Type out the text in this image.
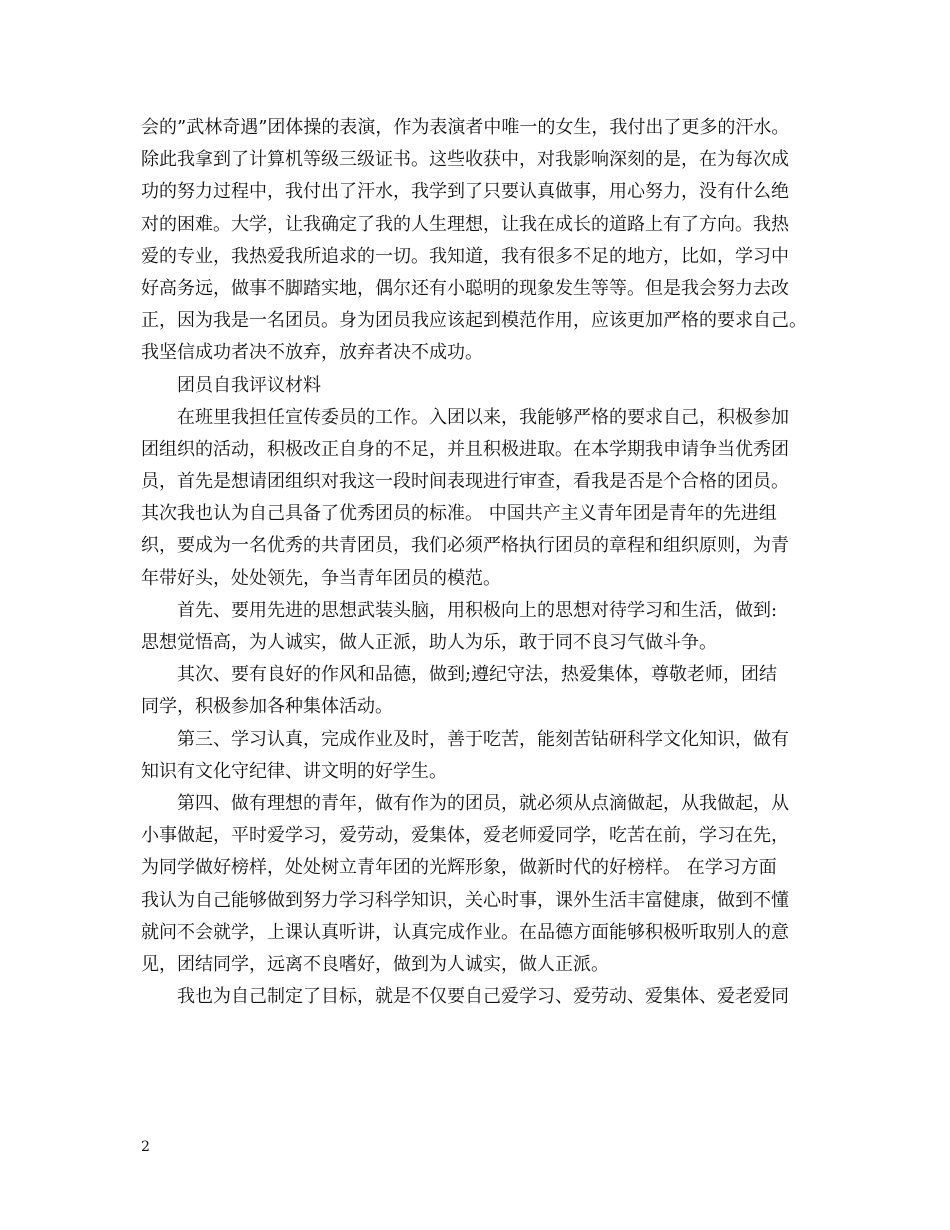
会的”武林奇遇”团体操的表演，作为表演者中唯一的女生，我付出了更多的汗水。
除此我拿到了计算机等级三级证书。这些收获中，对我影响深刻的是，在为每次成
功的努力过程中，我付出了汗水，我学到了只要认真做事，用心努力，没有什么绝
对的困难。大学，让我确定了我的人生理想，让我在成长的道路上有了方向。我热
爱的专业，我热爱我所追求的一切。我知道，我有很多不足的地方，比如，学习中
好高务远，做事不脚踏实地，偶尔还有小聪明的现象发生等等。但是我会努力去改
正，因为我是一名团员。身为团员我应该起到模范作用，应该更加严格的要求自己。
我坚信成功者决不放弃，放弃者决不成功。
　　团员自我评议材料
　　在班里我担任宣传委员的工作。入团以来，我能够严格的要求自己，积极参加
团组织的活动，积极改正自身的不足，并且积极进取。在本学期我申请争当优秀团
员，首先是想请团组织对我这一段时间表现进行审查，看我是否是个合格的团员。
其次我也认为自己具备了优秀团员的标准。 中国共产主义青年团是青年的先进组
织，要成为一名优秀的共青团员，我们必须严格执行团员的章程和组织原则，为青
年带好头，处处领先，争当青年团员的模范。
　　首先、要用先进的思想武装头脑，用积极向上的思想对待学习和生活，做到:
思想觉悟高，为人诚实，做人正派，助人为乐，敢于同不良习气做斗争。
　　其次、要有良好的作风和品德，做到;遵纪守法，热爱集体，尊敬老师，团结
同学，积极参加各种集体活动。
　　第三、学习认真，完成作业及时，善于吃苦，能刻苦钻研科学文化知识，做有
知识有文化守纪律、讲文明的好学生。
　　第四、做有理想的青年，做有作为的团员，就必须从点滴做起，从我做起，从
小事做起，平时爱学习，爱劳动，爱集体，爱老师爱同学，吃苦在前，学习在先，
为同学做好榜样，处处树立青年团的光辉形象，做新时代的好榜样。 在学习方面
我认为自己能够做到努力学习科学知识，关心时事，课外生活丰富健康，做到不懂
就问不会就学，上课认真听讲，认真完成作业。在品德方面能够积极听取别人的意
见，团结同学，远离不良嗜好，做到为人诚实，做人正派。
　　我也为自己制定了目标，就是不仅要自己爱学习、爱劳动、爱集体、爱老爱同
2
